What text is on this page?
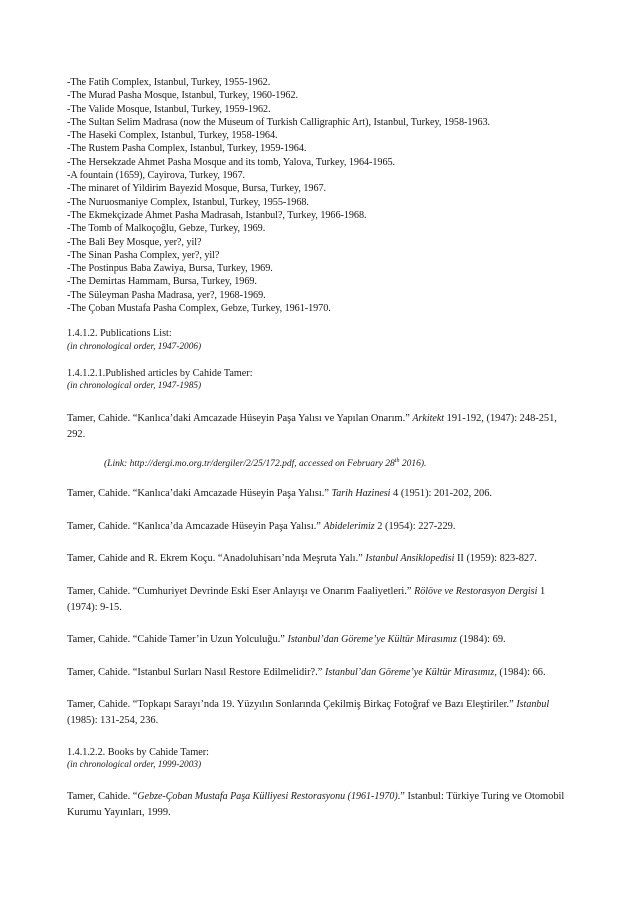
-The Fatih Complex, Istanbul, Turkey, 1955-1962.
-The Murad Pasha Mosque, Istanbul, Turkey, 1960-1962.
-The Valide Mosque, Istanbul, Turkey, 1959-1962.
-The Sultan Selim Madrasa (now the Museum of Turkish Calligraphic Art), Istanbul, Turkey, 1958-1963.
-The Haseki Complex, Istanbul, Turkey, 1958-1964.
-The Rustem Pasha Complex, Istanbul, Turkey, 1959-1964.
-The Hersekzade Ahmet Pasha Mosque and its tomb, Yalova, Turkey, 1964-1965.
-A fountain (1659), Cayirova, Turkey, 1967.
-The minaret of Yildirim Bayezid Mosque, Bursa, Turkey, 1967.
-The Nuruosmaniye Complex, Istanbul, Turkey, 1955-1968.
-The Ekmekçizade Ahmet Pasha Madrasah, Istanbul?, Turkey, 1966-1968.
-The Tomb of Malkoçoğlu, Gebze, Turkey, 1969.
-The Bali Bey Mosque, yer?, yil?
-The Sinan Pasha Complex, yer?, yil?
-The Postinpus Baba Zawiya, Bursa, Turkey, 1969.
-The Demirtas Hammam, Bursa, Turkey, 1969.
-The Süleyman Pasha Madrasa, yer?, 1968-1969.
-The Çoban Mustafa Pasha Complex, Gebze, Turkey, 1961-1970.
1.4.1.2. Publications List:
(in chronological order, 1947-2006)
1.4.1.2.1.Published articles by Cahide Tamer:
(in chronological order, 1947-1985)
Tamer, Cahide. “Kanlıca’daki Amcazade Hüseyin Paşa Yalısı ve Yapılan Onarım.” Arkitekt 191-192, (1947): 248-251, 292.
(Link: http://dergi.mo.org.tr/dergiler/2/25/172.pdf, accessed on February 28th 2016).
Tamer, Cahide. “Kanlıca’daki Amcazade Hüseyin Paşa Yalısı.” Tarih Hazinesi 4 (1951): 201-202, 206.
Tamer, Cahide. “Kanlıca’da Amcazade Hüseyin Paşa Yalısı.” Abidelerimiz 2 (1954): 227-229.
Tamer, Cahide and R. Ekrem Koçu. “Anadoluhisarı’nda Meşruta Yalı.” Istanbul Ansiklopedisi II (1959): 823-827.
Tamer, Cahide. “Cumhuriyet Devrinde Eski Eser Anlayışı ve Onarım Faaliyetleri.” Rölöve ve Restorasyon Dergisi 1 (1974): 9-15.
Tamer, Cahide. “Cahide Tamer’in Uzun Yolculuğu.” Istanbul’dan Göreme’ye Kültür Mirasımız (1984): 69.
Tamer, Cahide. “Istanbul Surları Nasıl Restore Edilmelidir?.” Istanbul’dan Göreme’ye Kültür Mirasımız, (1984): 66.
Tamer, Cahide. “Topkapı Sarayı’nda 19. Yüzyılın Sonlarında Çekilmiş Birkaç Fotoğraf ve Bazı Eleştiriler.” Istanbul (1985): 131-254, 236.
1.4.1.2.2. Books by Cahide Tamer:
(in chronological order, 1999-2003)
Tamer, Cahide. “Gebze-Çoban Mustafa Paşa Külliyesi Restorasyonu (1961-1970).” Istanbul: Türkiye Turing ve Otomobil Kurumu Yayınları, 1999.
